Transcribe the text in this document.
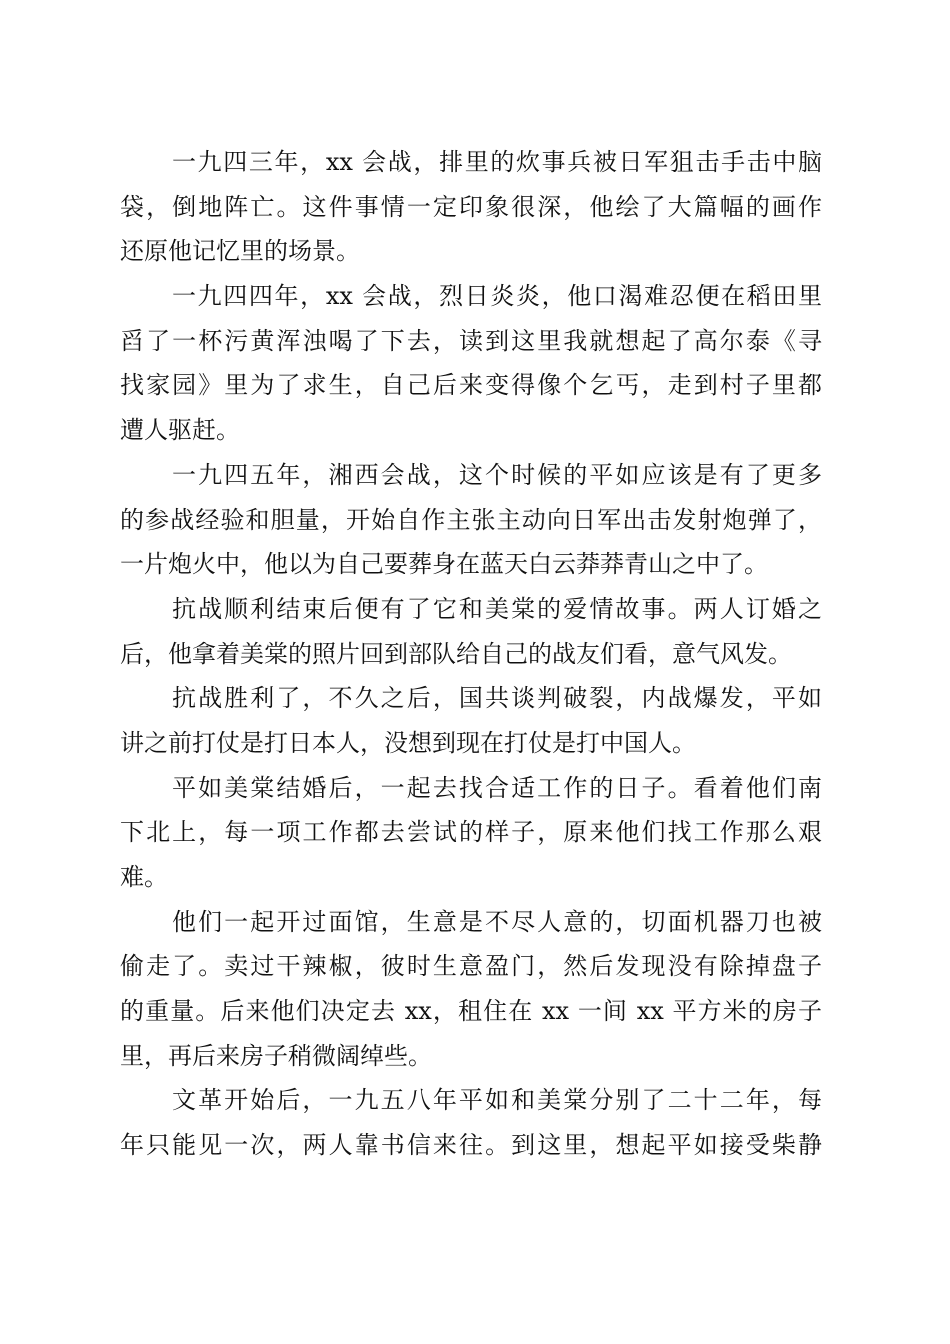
一九四三年，xx 会战，排里的炊事兵被日军狙击手击中脑
袋，倒地阵亡。这件事情一定印象很深，他绘了大篇幅的画作
还原他记忆里的场景。
一九四四年，xx 会战，烈日炎炎，他口渴难忍便在稻田里
舀了一杯污黄浑浊喝了下去，读到这里我就想起了高尔泰《寻
找家园》里为了求生，自己后来变得像个乞丐，走到村子里都
遭人驱赶。
一九四五年，湘西会战，这个时候的平如应该是有了更多
的参战经验和胆量，开始自作主张主动向日军出击发射炮弹了，
一片炮火中，他以为自己要葬身在蓝天白云莽莽青山之中了。
抗战顺利结束后便有了它和美棠的爱情故事。两人订婚之
后，他拿着美棠的照片回到部队给自己的战友们看，意气风发。
抗战胜利了，不久之后，国共谈判破裂，内战爆发，平如
讲之前打仗是打日本人，没想到现在打仗是打中国人。
平如美棠结婚后，一起去找合适工作的日子。看着他们南
下北上，每一项工作都去尝试的样子，原来他们找工作那么艰
难。
他们一起开过面馆，生意是不尽人意的，切面机器刀也被
偷走了。卖过干辣椒，彼时生意盈门，然后发现没有除掉盘子
的重量。后来他们决定去 xx，租住在 xx 一间 xx 平方米的房子
里，再后来房子稍微阔绰些。
文革开始后，一九五八年平如和美棠分别了二十二年，每
年只能见一次，两人靠书信来往。到这里，想起平如接受柴静
